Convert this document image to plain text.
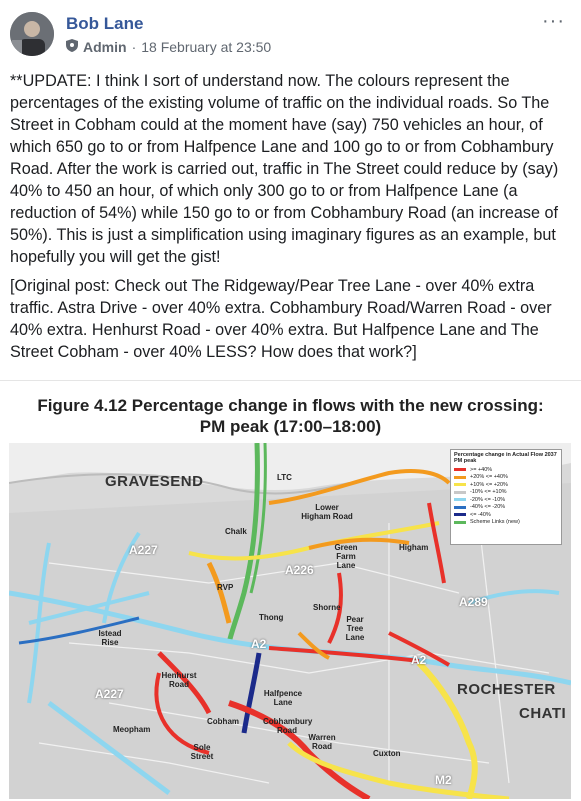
Bob Lane
Admin · 18 February at 23:50
···

**UPDATE: I think I sort of understand now. The colours represent the percentages of the existing volume of traffic on the individual roads. So The Street in Cobham could at the moment have (say) 750 vehicles an hour, of which 650 go to or from Halfpence Lane and 100 go to or from Cobhambury Road. After the work is carried out, traffic in The Street could reduce by (say) 40% to 450 an hour, of which only 300 go to or from Halfpence Lane (a reduction of 54%) while 150 go to or from Cobhambury Road (an increase of 50%). This is just a simplification using imaginary figures as an example, but hopefully you will get the gist!

[Original post: Check out The Ridgeway/Pear Tree Lane - over 40% extra traffic. Astra Drive - over 40% extra. Cobhambury Road/Warren Road - over 40% extra. Henhurst Road - over 40% extra. But Halfpence Lane and The Street Cobham - over 40% LESS? How does that work?]

Figure 4.12 Percentage change in flows with the new crossing:
PM peak (17:00–18:00)
Percentage change in Actual Flow 2037 PM peak
>= +40%
+20% <= +40%
+10% <= +20%
-10% <= +10%
-20% <= -10%
-40% <= -20%
<= -40%
Scheme Links (new)
GRAVESEND
ROCHESTER
CHATI
A227
A226
A289
A2
A2
A227
M2
LTC
Lower Higham Road
Chalk
Green Farm Lane
Higham
RVP
Thong
Shorne
Pear Tree Lane
Istead Rise
Henhurst Road
Halfpence Lane
Cobham	Cobhambury Road
Meopham
Sole Street
Warren Road
Cuxton
